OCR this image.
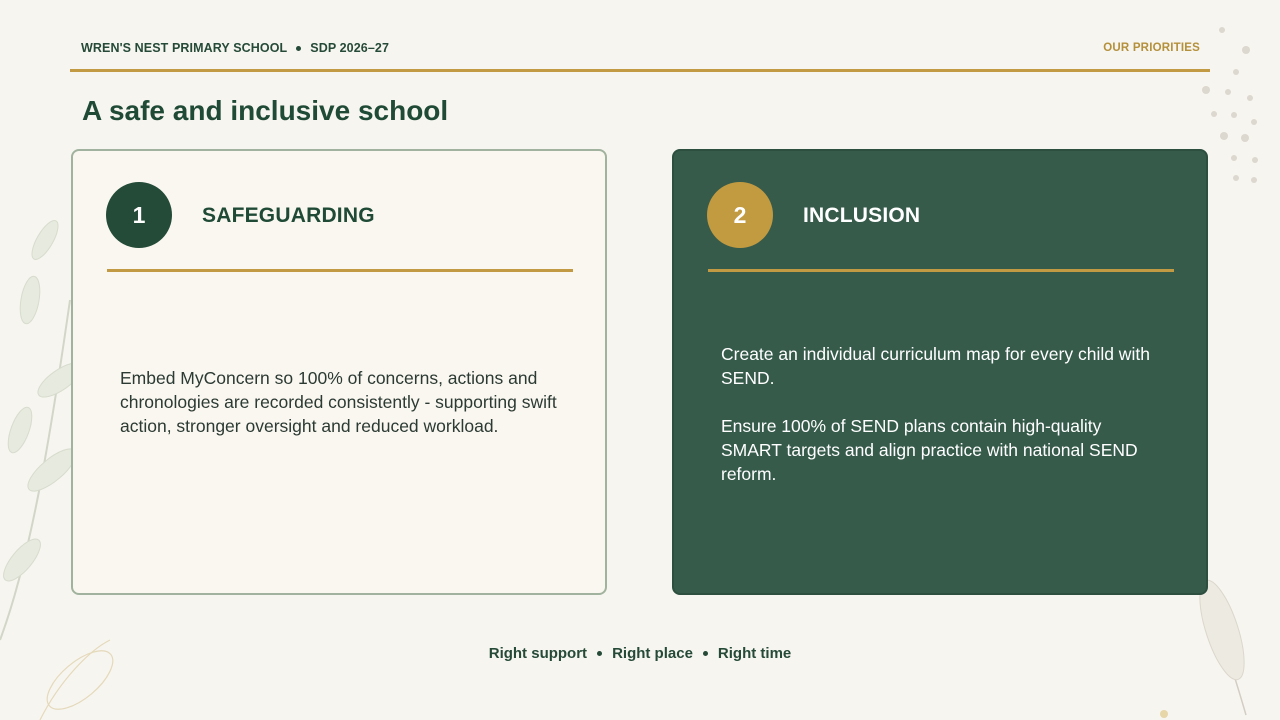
WREN'S NEST PRIMARY SCHOOL SDP 2026–27	OUR PRIORITIES
A safe and inclusive school
1	SAFEGUARDING

Embed MyConcern so 100% of concerns, actions and chronologies are recorded consistently - supporting swift action, stronger oversight and reduced workload.

2	INCLUSION

Create an individual curriculum map for every child with SEND.

Ensure 100% of SEND plans contain high-quality SMART targets and align practice with national SEND reform.

Right support Right place Right time
